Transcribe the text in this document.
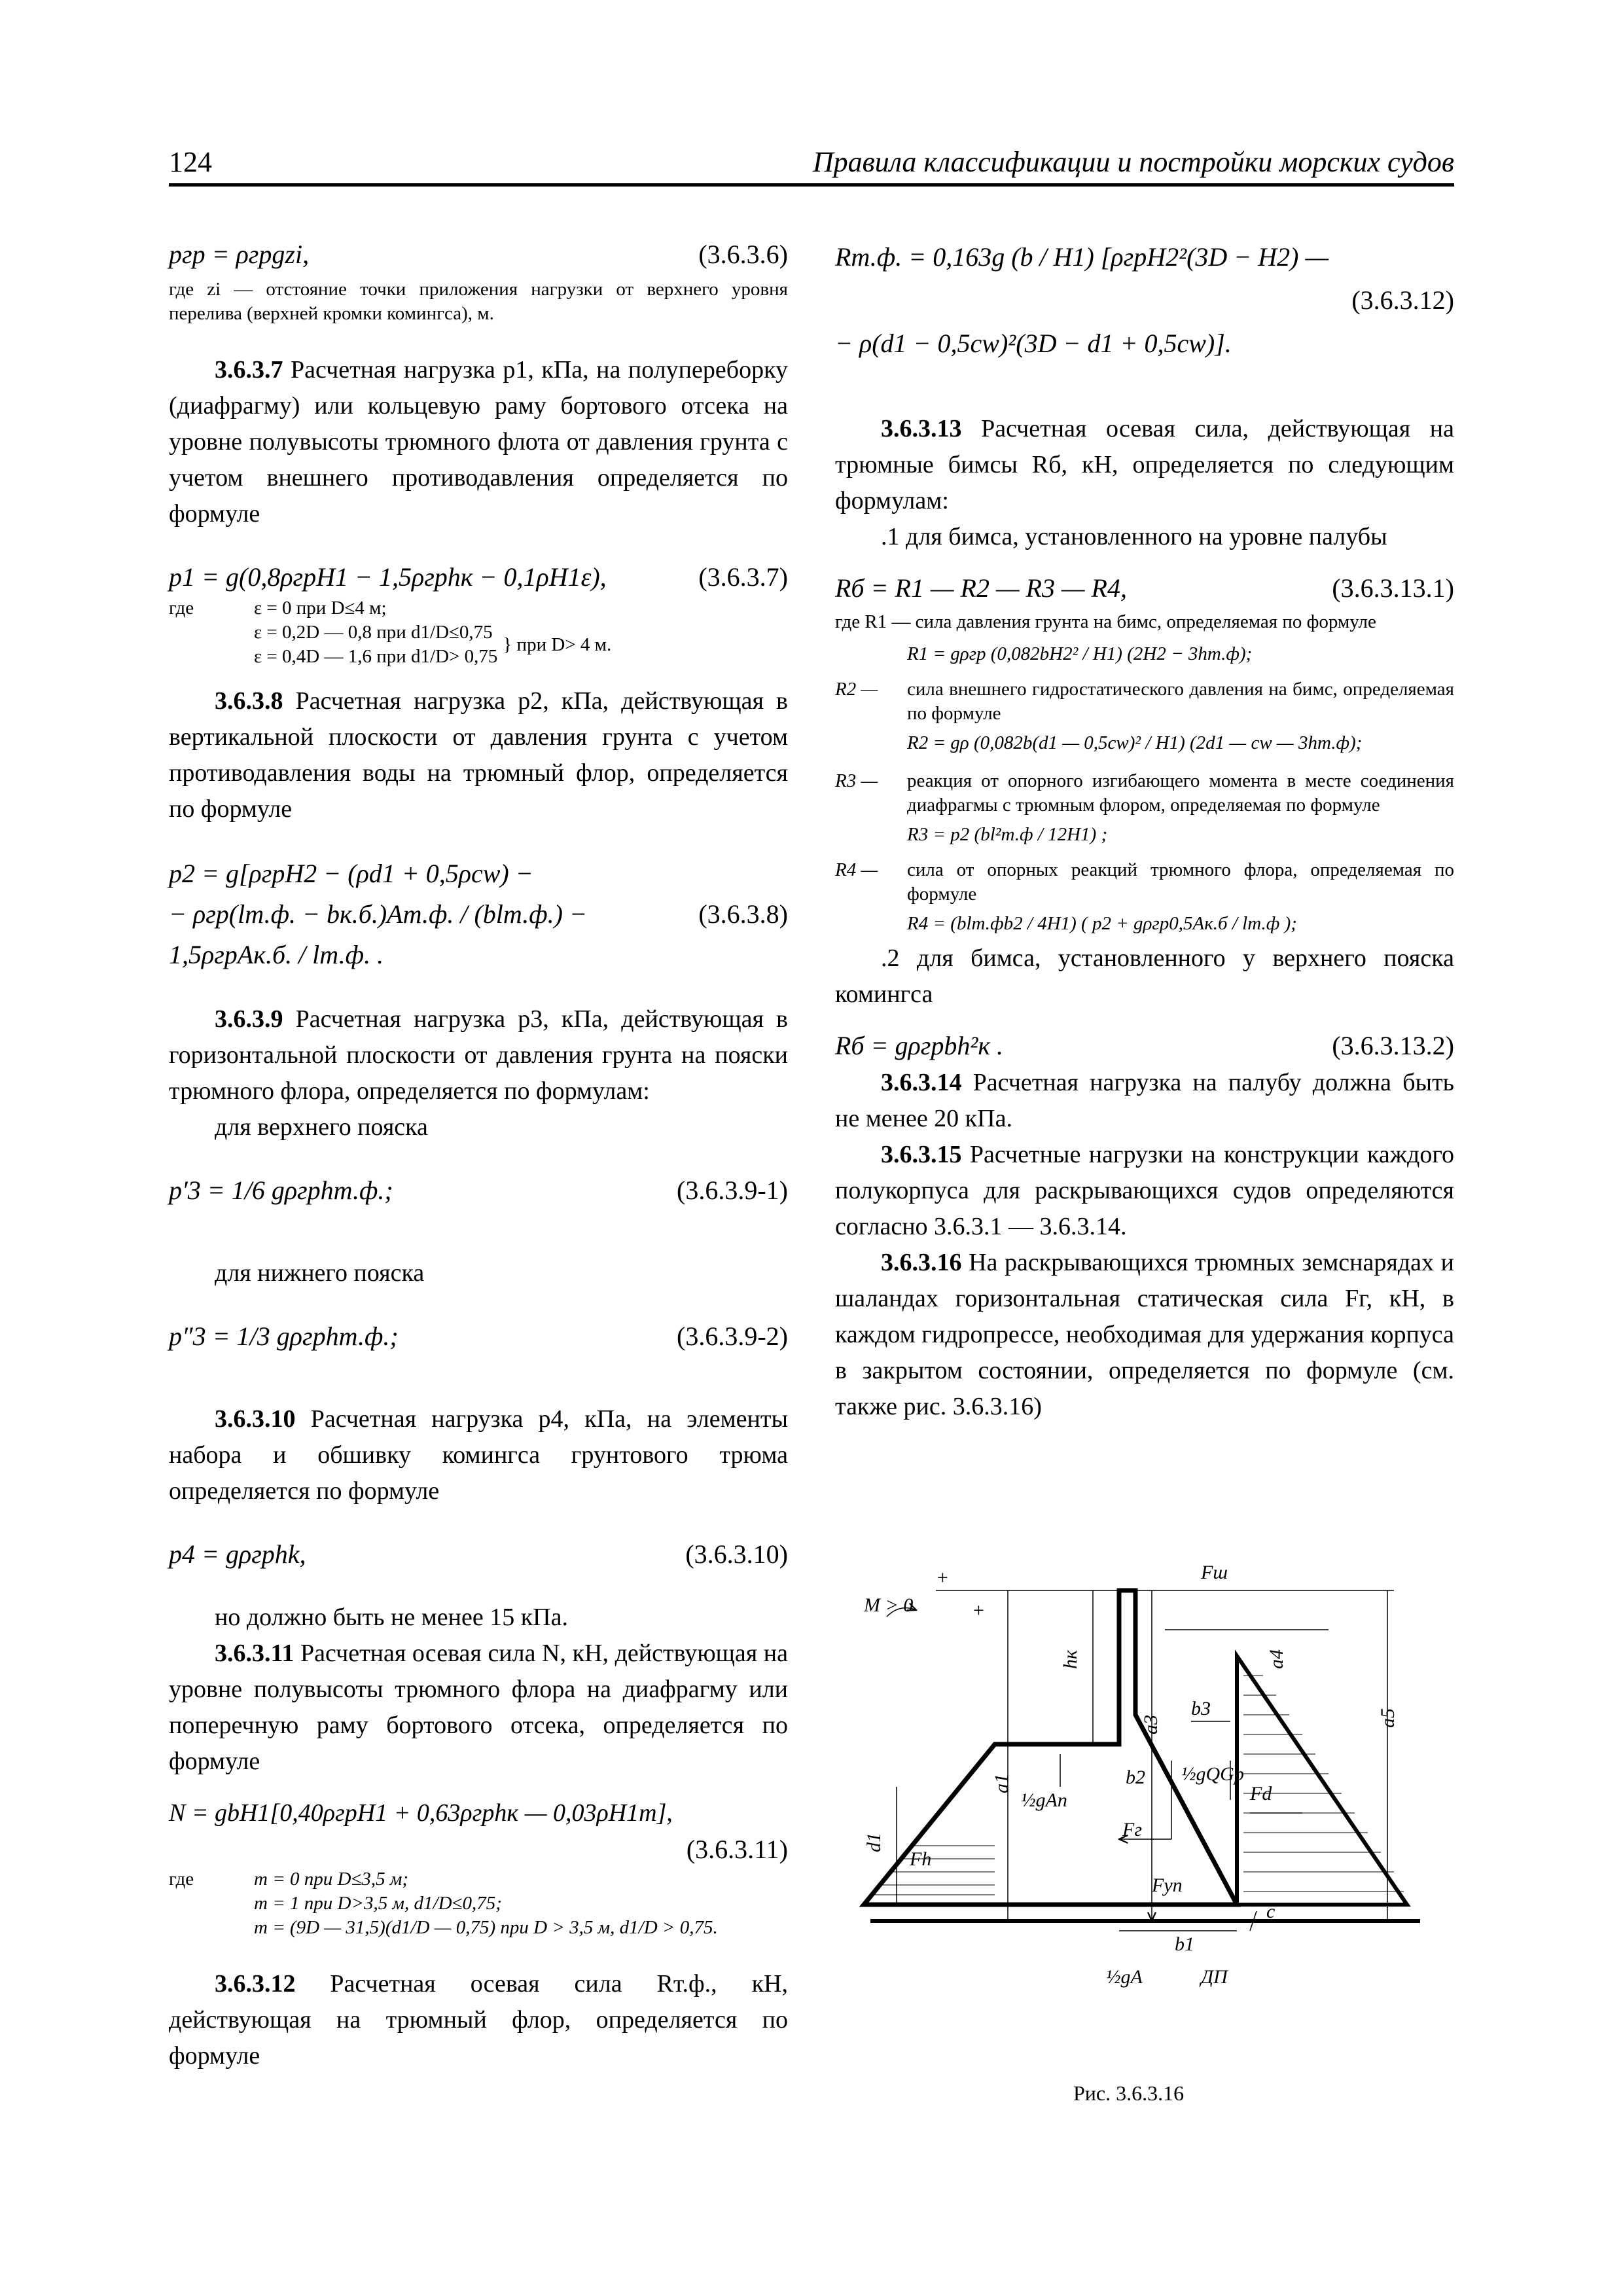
124	Правила классификации и постройки морских судов
pгр = ρгрgzi,	(3.6.3.6)

где zi — отстояние точки приложения нагрузки от верхнего уровня перелива (верхней кромки комингса), м.

3.6.3.7 Расчетная нагрузка p1, кПа, на полупереборку (диафрагму) или кольцевую раму бортового отсека на уровне полувысоты трюмного флота от давления грунта с учетом внешнего противодавления определяется по формуле

p1 = g(0,8ρгрH1 − 1,5ρгрhк − 0,1ρH1ε),	(3.6.3.7)
где	ε = 0 при D≤4 м;
ε = 0,2D — 0,8 при d1/D≤0,75
ε = 0,4D — 1,6 при d1/D> 0,75
} при D> 4 м.

3.6.3.8 Расчетная нагрузка p2, кПа, действующая в вертикальной плоскости от давления грунта с учетом противодавления воды на трюмный флор, определяется по формуле

p2 = g[ρгрH2 − (ρd1 + 0,5ρcw) −
− ρгр(lт.ф. − bк.б.)Aт.ф. / (blт.ф.) − 1,5ρгрAк.б. / lт.ф. .
(3.6.3.8)

3.6.3.9 Расчетная нагрузка p3, кПа, действующая в горизонтальной плоскости от давления грунта на пояски трюмного флора, определяется по формулам:

для верхнего пояска

p′3 = 1/6 gρгрhт.ф.;	(3.6.3.9-1)

для нижнего пояска

p″3 = 1/3 gρгрhт.ф.;	(3.6.3.9-2)

3.6.3.10 Расчетная нагрузка p4, кПа, на элементы набора и обшивку комингса грунтового трюма определяется по формуле

p4 = gρгрhk,	(3.6.3.10)

но должно быть не менее 15 кПа.

3.6.3.11 Расчетная осевая сила N, кН, действующая на уровне полувысоты трюмного флора на диафрагму или поперечную раму бортового отсека, определяется по формуле

N = gbH1[0,40ρгрH1 + 0,63ρгрhк — 0,03ρH1m],
(3.6.3.11)
где	m = 0 при D≤3,5 м;
m = 1 при D>3,5 м, d1/D≤0,75;
m = (9D — 31,5)(d1/D — 0,75) при D > 3,5 м, d1/D > 0,75.

3.6.3.12 Расчетная осевая сила Rт.ф., кН, действующая на трюмный флор, определяется по формуле

Rт.ф. = 0,163g (b / H1) [ρгрH2²(3D − H2) —
(3.6.3.12)
− ρ(d1 − 0,5cw)²(3D − d1 + 0,5cw)].

3.6.3.13 Расчетная осевая сила, действующая на трюмные бимсы Rб, кН, определяется по следующим формулам:

.1 для бимса, установленного на уровне палубы

Rб = R1 — R2 — R3 — R4,	(3.6.3.13.1)

где R1 — сила давления грунта на бимс, определяемая по формуле

R1 = gρгр (0,082bH2² / H1) (2H2 − 3hт.ф);
R2 —	сила внешнего гидростатического давления на бимс, определяемая по формуле
R2 = gρ (0,082b(d1 — 0,5cw)² / H1) (2d1 — cw — 3hт.ф);
R3 —	реакция от опорного изгибающего момента в месте соединения диафрагмы с трюмным флором, определяемая по формуле
R3 = p2 (bl²т.ф / 12H1) ;
R4 —	сила от опорных реакций трюмного флора, определяемая по формуле
R4 = (blт.фb2 / 4H1) ( p2 + gρгр0,5Aк.б / lт.ф );

.2 для бимса, установленного у верхнего пояска комингса

Rб = gρгрbh²к .	(3.6.3.13.2)

3.6.3.14 Расчетная нагрузка на палубу должна быть не менее 20 кПа.

3.6.3.15 Расчетные нагрузки на конструкции каждого полукорпуса для раскрывающихся судов определяются согласно 3.6.3.1 — 3.6.3.14.

3.6.3.16 На раскрывающихся трюмных земснарядах и шаландах горизонтальная статическая сила Fг, кН, в каждом гидропрессе, необходимая для удержания корпуса в закрытом состоянии, определяется по формуле (см. также рис. 3.6.3.16)

M > 0
+
+
Fш
hк	a4
a3	a5
b3
½gQGp
b2
Fd
a1
½gAп
d1
Fг
Fh
Fуп
c
b1
½gA	ДП
Рис. 3.6.3.16
